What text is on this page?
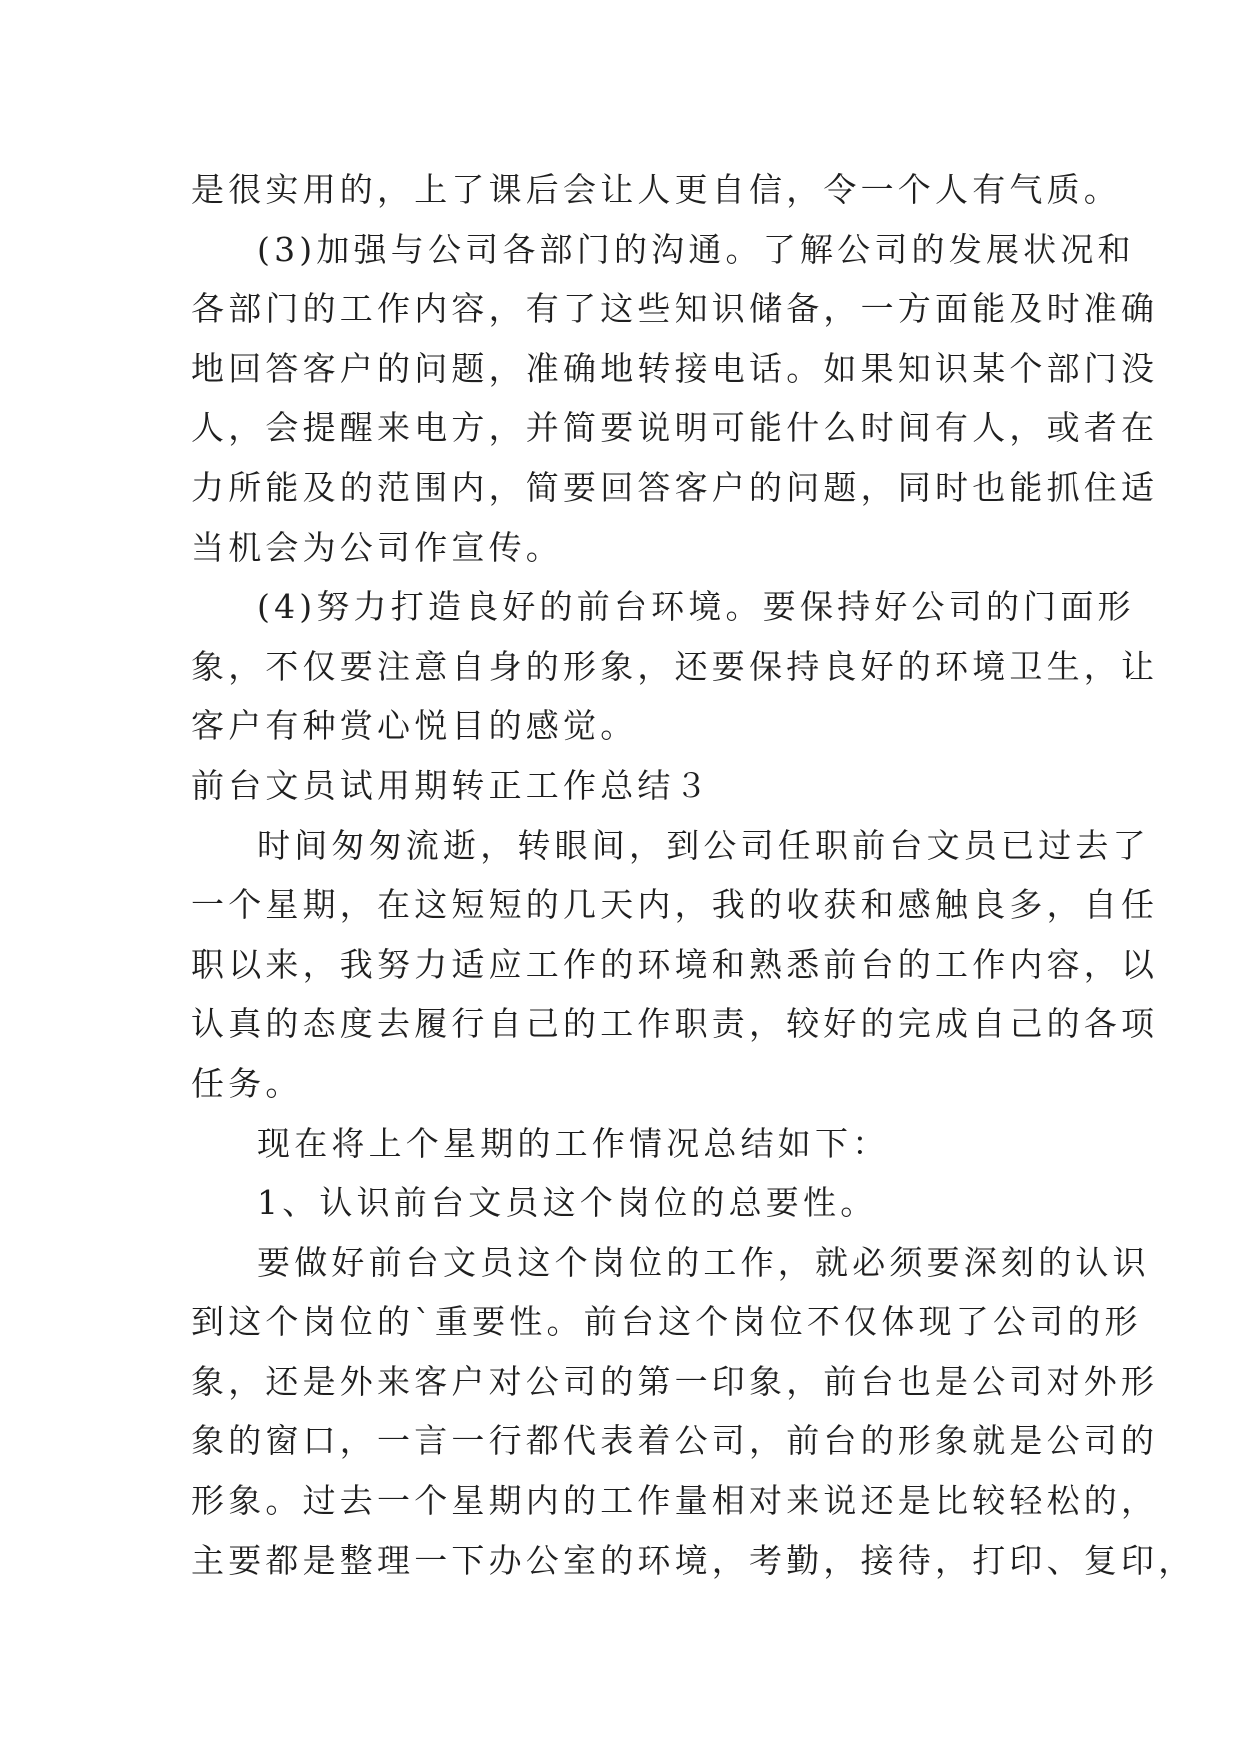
是很实用的，上了课后会让人更自信，令一个人有气质。
(3)加强与公司各部门的沟通。了解公司的发展状况和
各部门的工作内容，有了这些知识储备，一方面能及时准确
地回答客户的问题，准确地转接电话。如果知识某个部门没
人，会提醒来电方，并简要说明可能什么时间有人，或者在
力所能及的范围内，简要回答客户的问题，同时也能抓住适
当机会为公司作宣传。
(4)努力打造良好的前台环境。要保持好公司的门面形
象，不仅要注意自身的形象，还要保持良好的环境卫生，让
客户有种赏心悦目的感觉。
前台文员试用期转正工作总结３
时间匆匆流逝，转眼间，到公司任职前台文员已过去了
一个星期，在这短短的几天内，我的收获和感触良多，自任
职以来，我努力适应工作的环境和熟悉前台的工作内容，以
认真的态度去履行自己的工作职责，较好的完成自己的各项
任务。
现在将上个星期的工作情况总结如下：
1、认识前台文员这个岗位的总要性。
要做好前台文员这个岗位的工作，就必须要深刻的认识
到这个岗位的`重要性。前台这个岗位不仅体现了公司的形
象，还是外来客户对公司的第一印象，前台也是公司对外形
象的窗口，一言一行都代表着公司，前台的形象就是公司的
形象。过去一个星期内的工作量相对来说还是比较轻松的，
主要都是整理一下办公室的环境，考勤，接待，打印、复印，
